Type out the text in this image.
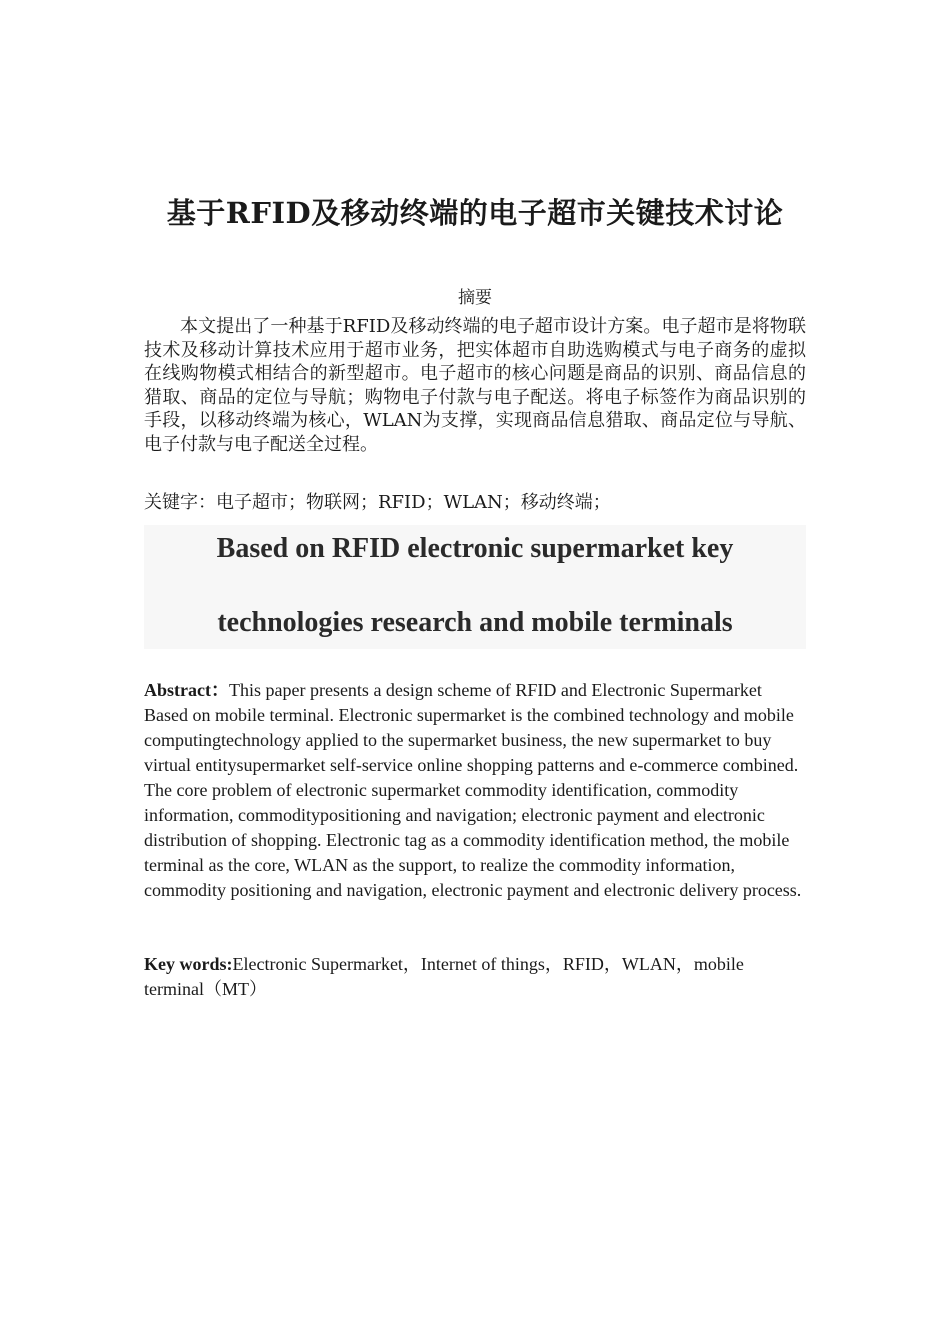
基于RFID及移动终端的电子超市关键技术讨论
摘要

本文提出了一种基于RFID及移动终端的电子超市设计方案。电子超市是将物联技术及移动计算技术应用于超市业务，把实体超市自助选购模式与电子商务的虚拟在线购物模式相结合的新型超市。电子超市的核心问题是商品的识别、商品信息的猎取、商品的定位与导航；购物电子付款与电子配送。将电子标签作为商品识别的手段，以移动终端为核心，WLAN为支撑，实现商品信息猎取、商品定位与导航、电子付款与电子配送全过程。

关键字：电子超市；物联网；RFID；WLAN；移动终端；
Based on RFID electronic supermarket key
technologies research and mobile terminals

Abstract：This paper presents a design scheme of RFID and Electronic Supermarket Based on mobile terminal. Electronic supermarket is the combined technology and mobile computingtechnology applied to the supermarket business, the new supermarket to buy virtual entitysupermarket self-service online shopping patterns and e-commerce combined. The core problem of electronic supermarket commodity identification, commodity information, commoditypositioning and navigation; electronic payment and electronic distribution of shopping. Electronic tag as a commodity identification method, the mobile terminal as the core, WLAN as the support, to realize the commodity information, commodity positioning and navigation, electronic payment and electronic delivery process.

Key words:Electronic Supermarket，Internet of things，RFID，WLAN，mobile terminal（MT）
